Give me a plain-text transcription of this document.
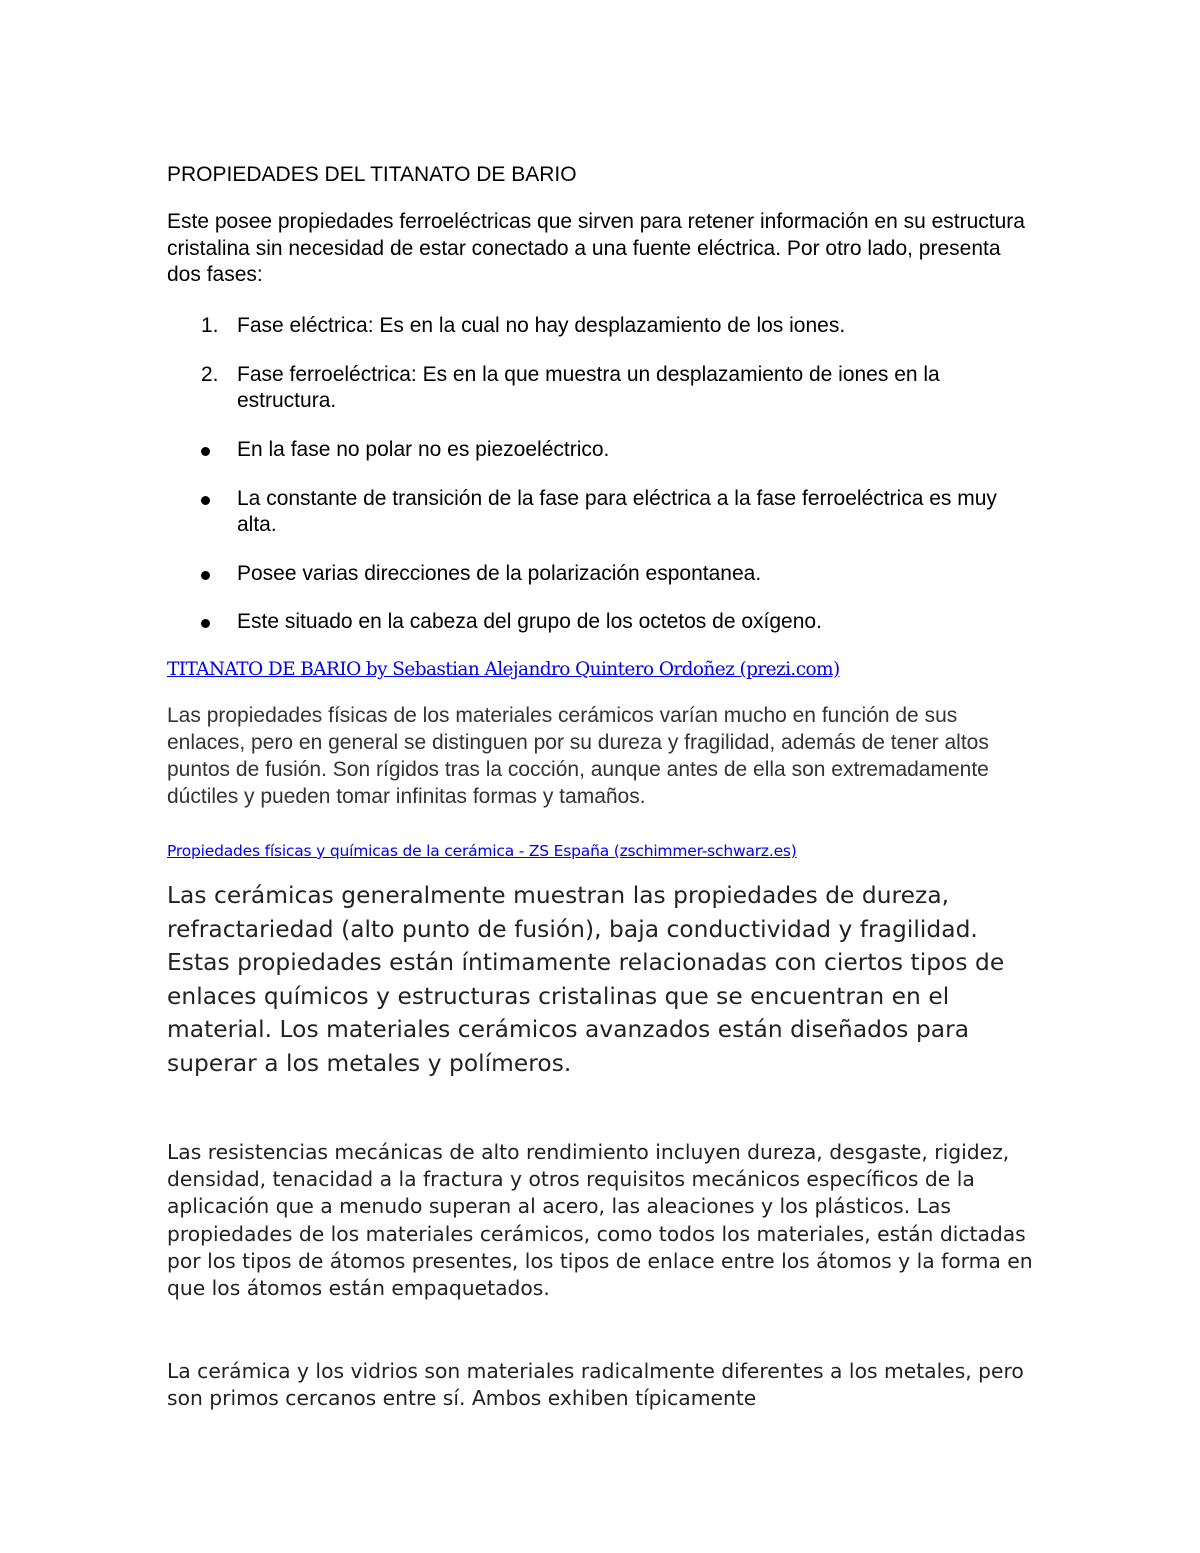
PROPIEDADES DEL TITANATO DE BARIO

Este posee propiedades ferroeléctricas que sirven para retener información en su estructura cristalina sin necesidad de estar conectado a una fuente eléctrica. Por otro lado, presenta dos fases:

1. Fase eléctrica: Es en la cual no hay desplazamiento de los iones.
2. Fase ferroeléctrica: Es en la que muestra un desplazamiento de iones en la estructura.
En la fase no polar no es piezoeléctrico.
La constante de transición de la fase para eléctrica a la fase ferroeléctrica es muy alta.
Posee varias direcciones de la polarización espontanea.
Este situado en la cabeza del grupo de los octetos de oxígeno.
TITANATO DE BARIO by Sebastian Alejandro Quintero Ordoñez (prezi.com)

Las propiedades físicas de los materiales cerámicos varían mucho en función de sus enlaces, pero en general se distinguen por su dureza y fragilidad, además de tener altos puntos de fusión. Son rígidos tras la cocción, aunque antes de ella son extremadamente dúctiles y pueden tomar infinitas formas y tamaños.

Propiedades físicas y químicas de la cerámica - ZS España (zschimmer-schwarz.es)

Las cerámicas generalmente muestran las propiedades de dureza, refractariedad (alto punto de fusión), baja conductividad y fragilidad. Estas propiedades están íntimamente relacionadas con ciertos tipos de enlaces químicos y estructuras cristalinas que se encuentran en el material. Los materiales cerámicos avanzados están diseñados para superar a los metales y polímeros.

Las resistencias mecánicas de alto rendimiento incluyen dureza, desgaste, rigidez, densidad, tenacidad a la fractura y otros requisitos mecánicos específicos de la aplicación que a menudo superan al acero, las aleaciones y los plásticos. Las propiedades de los materiales cerámicos, como todos los materiales, están dictadas por los tipos de átomos presentes, los tipos de enlace entre los átomos y la forma en que los átomos están empaquetados.

La cerámica y los vidrios son materiales radicalmente diferentes a los metales, pero son primos cercanos entre sí. Ambos exhiben típicamente
